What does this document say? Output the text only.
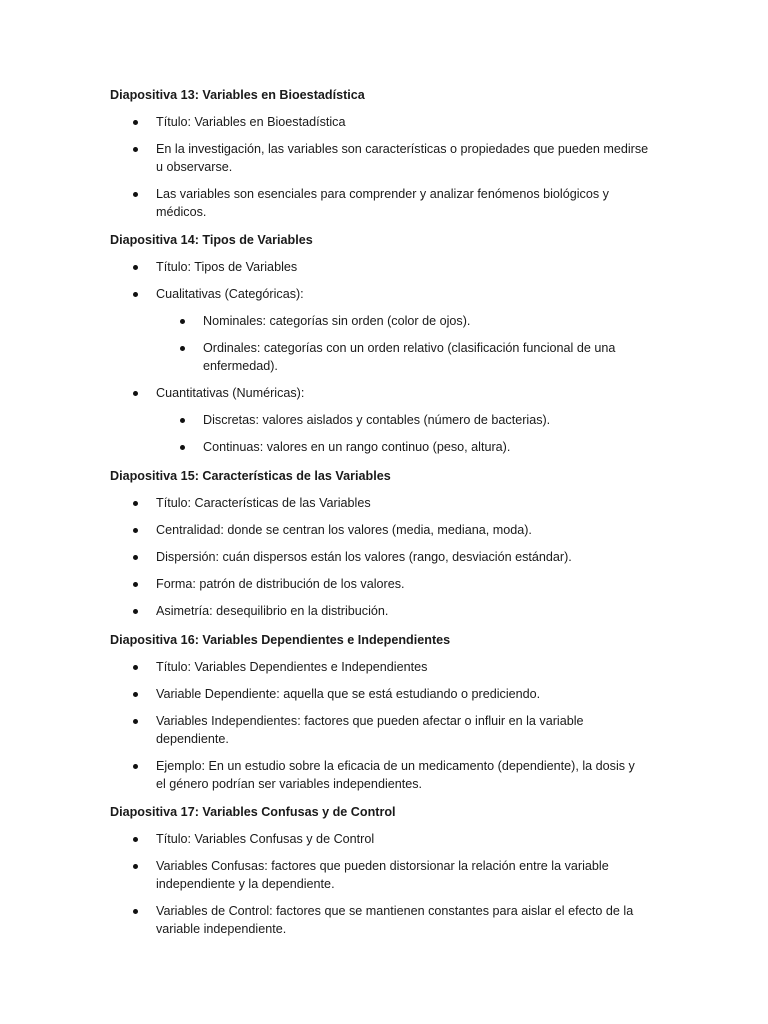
Diapositiva 13: Variables en Bioestadística
Título: Variables en Bioestadística
En la investigación, las variables son características o propiedades que pueden medirse
u observarse.
Las variables son esenciales para comprender y analizar fenómenos biológicos y
médicos.
Diapositiva 14: Tipos de Variables
Título: Tipos de Variables
Cualitativas (Categóricas):
Nominales: categorías sin orden (color de ojos).
Ordinales: categorías con un orden relativo (clasificación funcional de una
enfermedad).
Cuantitativas (Numéricas):
Discretas: valores aislados y contables (número de bacterias).
Continuas: valores en un rango continuo (peso, altura).
Diapositiva 15: Características de las Variables
Título: Características de las Variables
Centralidad: donde se centran los valores (media, mediana, moda).
Dispersión: cuán dispersos están los valores (rango, desviación estándar).
Forma: patrón de distribución de los valores.
Asimetría: desequilibrio en la distribución.
Diapositiva 16: Variables Dependientes e Independientes
Título: Variables Dependientes e Independientes
Variable Dependiente: aquella que se está estudiando o prediciendo.
Variables Independientes: factores que pueden afectar o influir en la variable
dependiente.
Ejemplo: En un estudio sobre la eficacia de un medicamento (dependiente), la dosis y
el género podrían ser variables independientes.
Diapositiva 17: Variables Confusas y de Control
Título: Variables Confusas y de Control
Variables Confusas: factores que pueden distorsionar la relación entre la variable
independiente y la dependiente.
Variables de Control: factores que se mantienen constantes para aislar el efecto de la
variable independiente.
